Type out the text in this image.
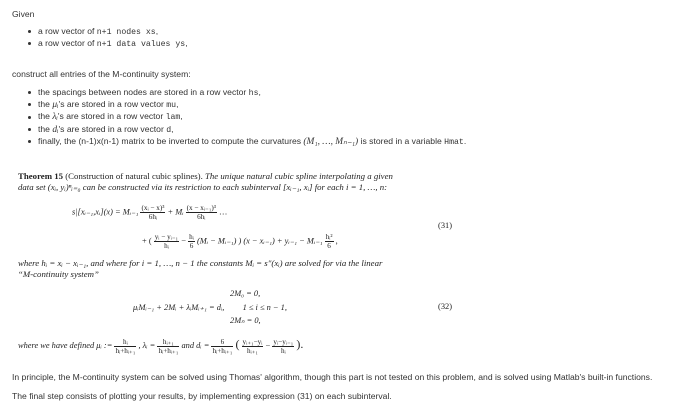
Given
a row vector of n+1 nodes xs,
a row vector of n+1 data values ys,
construct all entries of the M-continuity system:
the spacings between nodes are stored in a row vector hs,
the μᵢ's are stored in a row vector mu,
the λᵢ's are stored in a row vector lam,
the dᵢ's are stored in a row vector d,
finally, the (n-1)x(n-1) matrix to be inverted to compute the curvatures (M₁, …, Mₙ₋₁) is stored in a variable Hmat.
Theorem 15 (Construction of natural cubic splines). The unique natural cubic spline interpolating a given
data set (xᵢ, yᵢ)ⁿᵢ₌₀ can be constructed via its restriction to each subinterval [xᵢ₋₁, xᵢ] for each i = 1, …, n:
s|[xᵢ₋₁,xᵢ](x) = Mᵢ₋₁ $\frac{\text{(xᵢ − x)³}}{\text{6hᵢ}}$ + Mᵢ $\frac{\text{(x − xᵢ₋₁)³}}{\text{6hᵢ}}$ …
+ ( $\frac{\text{yᵢ − yᵢ₋₁}}{\text{hᵢ}} - \frac{\text{hᵢ}}{6}$ (Mᵢ − Mᵢ₋₁) ) (x − xᵢ₋₁) + yᵢ₋₁ − Mᵢ₋₁ $\frac{\text{hᵢ²}}{6}$ ,
(31)
where hᵢ = xᵢ − xᵢ₋₁, and where for i = 1, …, n − 1 the constants Mᵢ = s″(xᵢ) are solved for via the linear
“M-continuity system”
2M₀ = 0,
μᵢMᵢ₋₁ + 2Mᵢ + λᵢMᵢ₊₁ = dᵢ, 1 ≤ i ≤ n − 1,
2Mₙ = 0,
(32)
where we have defined μᵢ := $\frac{\text{hᵢ}}{\text{hᵢ+hᵢ₊₁}}$ , λᵢ = $\frac{\text{hᵢ₊₁}}{\text{hᵢ+hᵢ₊₁}}$ and dᵢ = $\frac{6}{\text{hᵢ+hᵢ₊₁}}$ ( $\frac{\text{yᵢ₊₁−yᵢ}}{\text{hᵢ₊₁}} - \frac{\text{yᵢ−yᵢ₋₁}}{\text{hᵢ}}$ ).
In principle, the M-continuity system can be solved using Thomas' algorithm, though this part is not tested on this problem, and is solved using Matlab's built-in functions.
The final step consists of plotting your results, by implementing expression (31) on each subinterval.
